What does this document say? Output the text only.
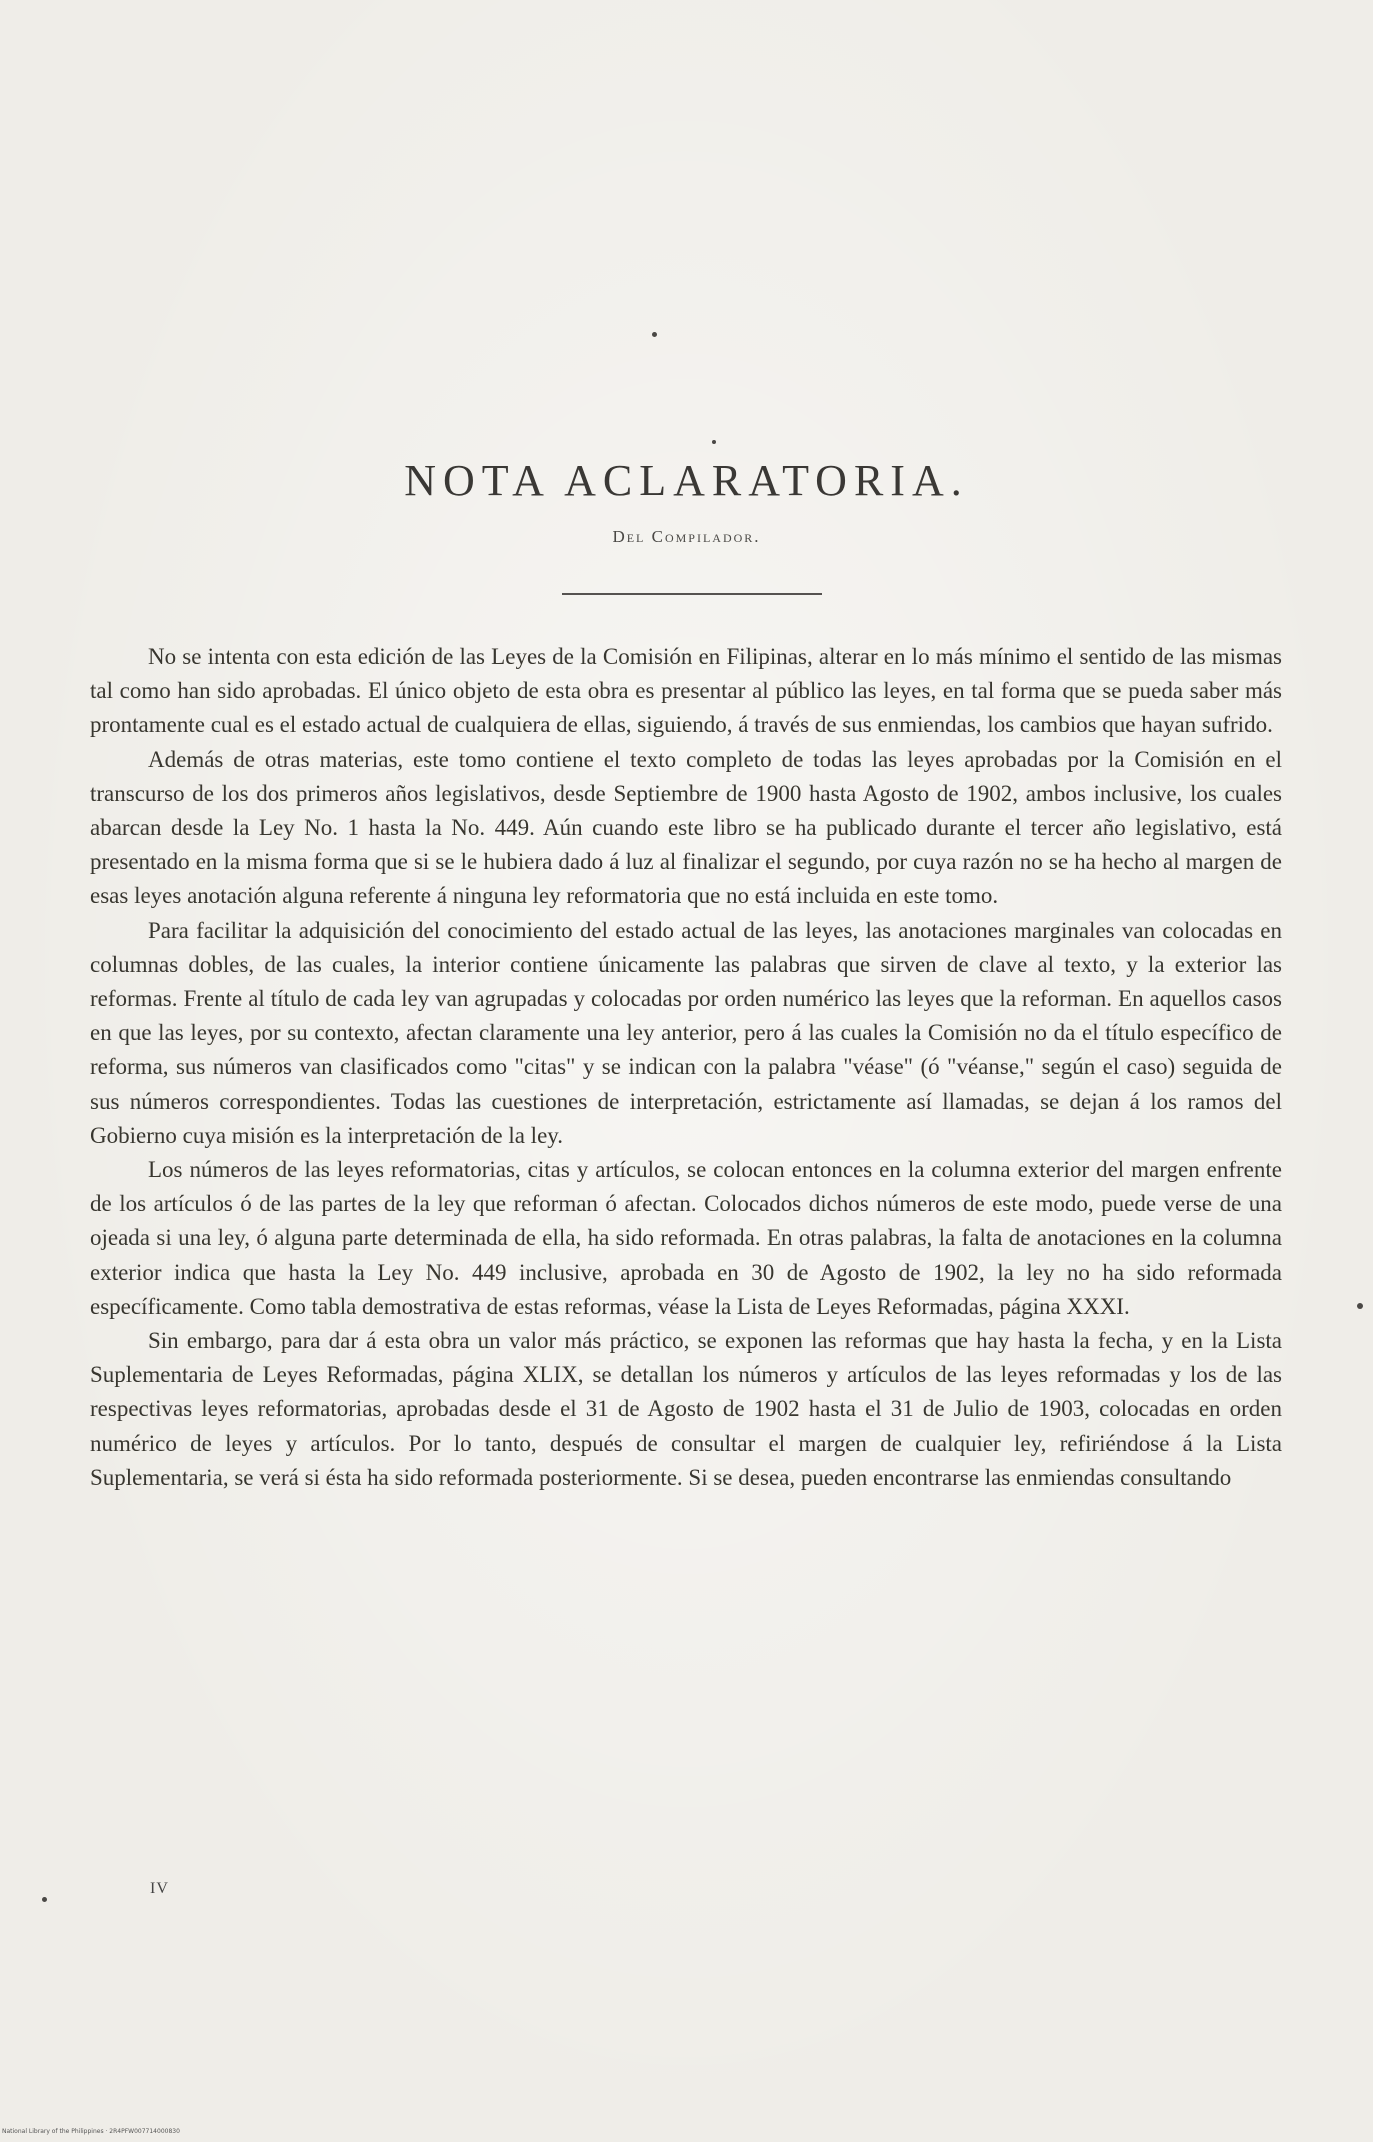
NOTA ACLARATORIA.
Del Compilador.

No se intenta con esta edición de las Leyes de la Comisión en Filipinas, alterar en lo más mínimo el sentido de las mismas tal como han sido aprobadas. El único objeto de esta obra es presentar al público las leyes, en tal forma que se pueda saber más prontamente cual es el estado actual de cualquiera de ellas, siguiendo, á través de sus enmiendas, los cambios que hayan sufrido.

Además de otras materias, este tomo contiene el texto completo de todas las leyes aprobadas por la Comisión en el transcurso de los dos primeros años legislativos, desde Septiembre de 1900 hasta Agosto de 1902, ambos inclusive, los cuales abarcan desde la Ley No. 1 hasta la No. 449. Aún cuando este libro se ha publicado durante el tercer año legislativo, está presentado en la misma forma que si se le hubiera dado á luz al finalizar el segundo, por cuya razón no se ha hecho al margen de esas leyes anotación alguna referente á ninguna ley reformatoria que no está incluida en este tomo.

Para facilitar la adquisición del conocimiento del estado actual de las leyes, las anotaciones marginales van colocadas en columnas dobles, de las cuales, la interior contiene únicamente las palabras que sirven de clave al texto, y la exterior las reformas. Frente al título de cada ley van agrupadas y colocadas por orden numérico las leyes que la reforman. En aquellos casos en que las leyes, por su contexto, afectan claramente una ley anterior, pero á las cuales la Comisión no da el título específico de reforma, sus números van clasificados como "citas" y se indican con la palabra "véase" (ó "véanse," según el caso) seguida de sus números correspondientes. Todas las cuestiones de interpretación, estrictamente así llamadas, se dejan á los ramos del Gobierno cuya misión es la interpretación de la ley.

Los números de las leyes reformatorias, citas y artículos, se colocan entonces en la columna exterior del margen enfrente de los artículos ó de las partes de la ley que reforman ó afectan. Colocados dichos números de este modo, puede verse de una ojeada si una ley, ó alguna parte determinada de ella, ha sido reformada. En otras palabras, la falta de anotaciones en la columna exterior indica que hasta la Ley No. 449 inclusive, aprobada en 30 de Agosto de 1902, la ley no ha sido reformada específicamente. Como tabla demostrativa de estas reformas, véase la Lista de Leyes Reformadas, página XXXI.

Sin embargo, para dar á esta obra un valor más práctico, se exponen las reformas que hay hasta la fecha, y en la Lista Suplementaria de Leyes Reformadas, página XLIX, se detallan los números y artículos de las leyes reformadas y los de las respectivas leyes reformatorias, aprobadas desde el 31 de Agosto de 1902 hasta el 31 de Julio de 1903, colocadas en orden numérico de leyes y artículos. Por lo tanto, después de consultar el margen de cualquier ley, refiriéndose á la Lista Suplementaria, se verá si ésta ha sido reformada posteriormente. Si se desea, pueden encontrarse las enmiendas consultando

IV
National Library of the Philippines · 2R4PFW007714000830
